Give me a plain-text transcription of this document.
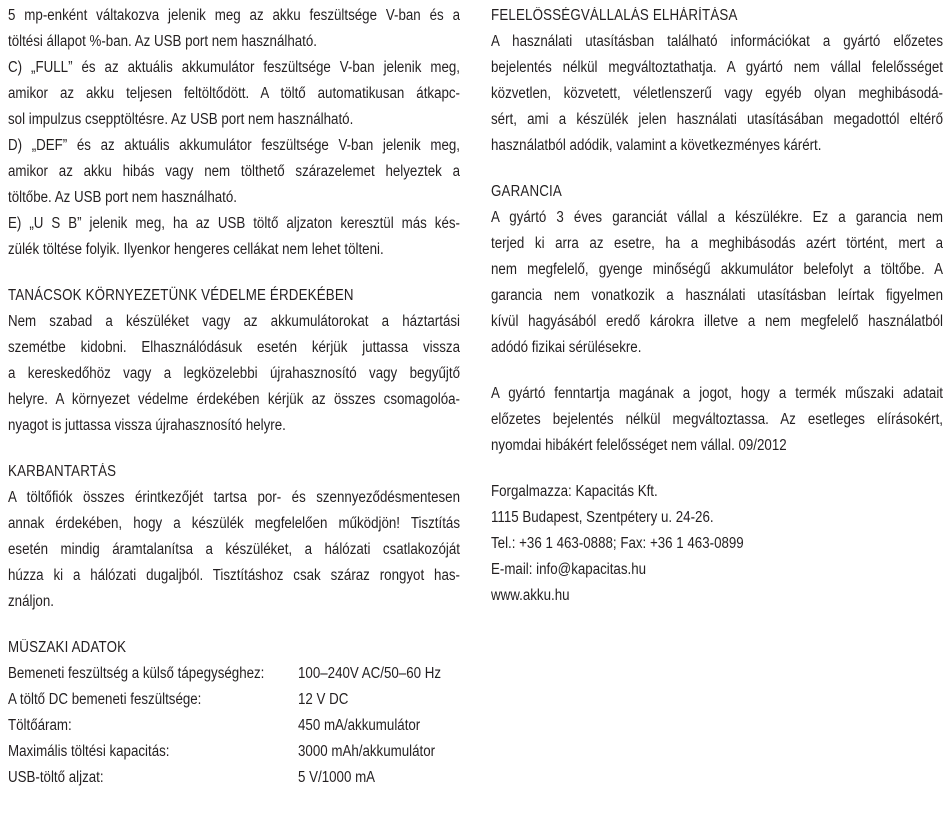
5 mp-enként váltakozva jelenik meg az akku feszültsége V-ban és a
töltési állapot %-ban. Az USB port nem használható.
C) „FULL” és az aktuális akkumulátor feszültsége V-ban jelenik meg,
amikor az akku teljesen feltöltődött. A töltő automatikusan átkapc-
sol impulzus csepptöltésre. Az USB port nem használható.
D) „DEF” és az aktuális akkumulátor feszültsége V-ban jelenik meg,
amikor az akku hibás vagy nem tölthető szárazelemet helyeztek a
töltőbe. Az USB port nem használható.
E) „U S B” jelenik meg, ha az USB töltő aljzaton keresztül más kés-
zülék töltése folyik. Ilyenkor hengeres cellákat nem lehet tölteni.
TANÁCSOK KÖRNYEZETÜNK VÉDELME ÉRDEKÉBEN
Nem szabad a készüléket vagy az akkumulátorokat a háztartási
szemétbe kidobni. Elhasználódásuk esetén kérjük juttassa vissza
a kereskedőhöz vagy a legközelebbi újrahasznosító vagy begyűjtő
helyre. A környezet védelme érdekében kérjük az összes csomagolóa-
nyagot is juttassa vissza újrahasznosító helyre.
KARBANTARTÁS
A töltőfiók összes érintkezőjét tartsa por- és szennyeződésmentesen
annak érdekében, hogy a készülék megfelelően működjön! Tisztítás
esetén mindig áramtalanítsa a készüléket, a hálózati csatlakozóját
húzza ki a hálózati dugaljból. Tisztításhoz csak száraz rongyot has-
ználjon.
MŰSZAKI ADATOK
Bemeneti feszültség a külső tápegységhez: 100–240V AC/50–60 Hz
A töltő DC bemeneti feszültsége:	12 V DC
Töltőáram:	450 mA/akkumulátor
Maximális töltési kapacitás:	3000 mAh/akkumulátor
USB-töltő aljzat:	5 V/1000 mA
FELELŐSSÉGVÁLLALÁS ELHÁRÍTÁSA
A használati utasításban található információkat a gyártó előzetes
bejelentés nélkül megváltoztathatja. A gyártó nem vállal felelősséget
közvetlen, közvetett, véletlenszerű vagy egyéb olyan meghibásodá-
sért, ami a készülék jelen használati utasításában megadottól eltérő
használatból adódik, valamint a következményes kárért.
GARANCIA
A gyártó 3 éves garanciát vállal a készülékre. Ez a garancia nem
terjed ki arra az esetre, ha a meghibásodás azért történt, mert a
nem megfelelő, gyenge minőségű akkumulátor belefolyt a töltőbe. A
garancia nem vonatkozik a használati utasításban leírtak figyelmen
kívül hagyásából eredő károkra illetve a nem megfelelő használatból
adódó fizikai sérülésekre.
A gyártó fenntartja magának a jogot, hogy a termék műszaki adatait
előzetes bejelentés nélkül megváltoztassa. Az esetleges elírásokért,
nyomdai hibákért felelősséget nem vállal. 09/2012
Forgalmazza: Kapacitás Kft.
1115 Budapest, Szentpétery u. 24-26.
Tel.: +36 1 463-0888; Fax: +36 1 463-0899
E-mail: info@kapacitas.hu
www.akku.hu
